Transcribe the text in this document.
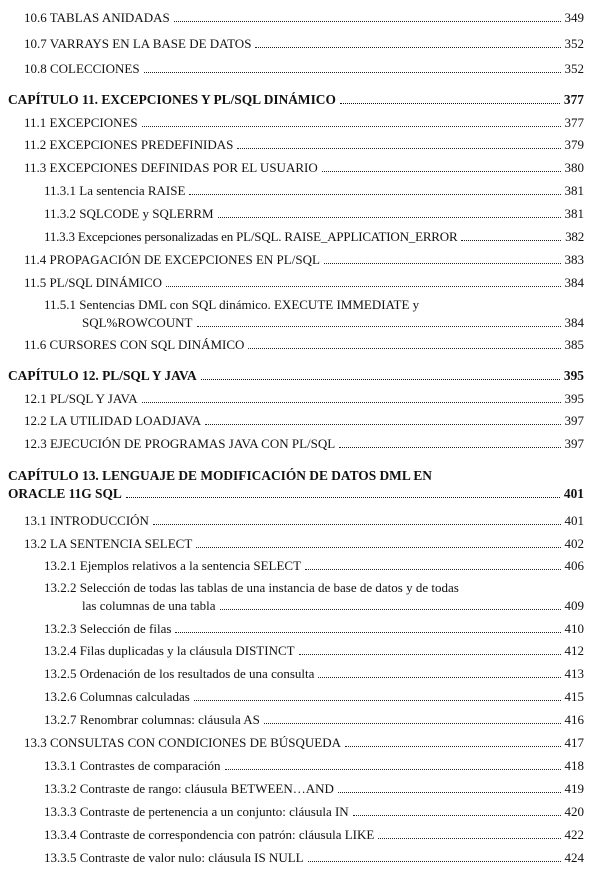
10.6 TABLAS ANIDADAS	349
10.7 VARRAYS EN LA BASE DE DATOS	352
10.8 COLECCIONES	352
CAPÍTULO 11. EXCEPCIONES Y PL/SQL DINÁMICO	377
11.1 EXCEPCIONES	377
11.2 EXCEPCIONES PREDEFINIDAS	379
11.3 EXCEPCIONES DEFINIDAS POR EL USUARIO	380
11.3.1 La sentencia RAISE	381
11.3.2 SQLCODE y SQLERRM	381
11.3.3 Excepciones personalizadas en PL/SQL. RAISE_APPLICATION_ERROR	382
11.4 PROPAGACIÓN DE EXCEPCIONES EN PL/SQL	383
11.5 PL/SQL DINÁMICO	384
11.5.1 Sentencias DML con SQL dinámico. EXECUTE IMMEDIATE y
SQL%ROWCOUNT	384
11.6 CURSORES CON SQL DINÁMICO	385
CAPÍTULO 12. PL/SQL Y JAVA	395
12.1 PL/SQL Y JAVA	395
12.2 LA UTILIDAD LOADJAVA	397
12.3 EJECUCIÓN DE PROGRAMAS JAVA CON PL/SQL	397
CAPÍTULO 13. LENGUAJE DE MODIFICACIÓN DE DATOS DML EN
ORACLE 11G SQL	401
13.1 INTRODUCCIÓN	401
13.2 LA SENTENCIA SELECT	402
13.2.1 Ejemplos relativos a la sentencia SELECT	406
13.2.2 Selección de todas las tablas de una instancia de base de datos y de todas
las columnas de una tabla	409
13.2.3 Selección de filas	410
13.2.4 Filas duplicadas y la cláusula DISTINCT	412
13.2.5 Ordenación de los resultados de una consulta	413
13.2.6 Columnas calculadas	415
13.2.7 Renombrar columnas: cláusula AS	416
13.3 CONSULTAS CON CONDICIONES DE BÚSQUEDA	417
13.3.1 Contrastes de comparación	418
13.3.2 Contraste de rango: cláusula BETWEEN…AND	419
13.3.3 Contraste de pertenencia a un conjunto: cláusula IN	420
13.3.4 Contraste de correspondencia con patrón: cláusula LIKE	422
13.3.5 Contraste de valor nulo: cláusula IS NULL	424
